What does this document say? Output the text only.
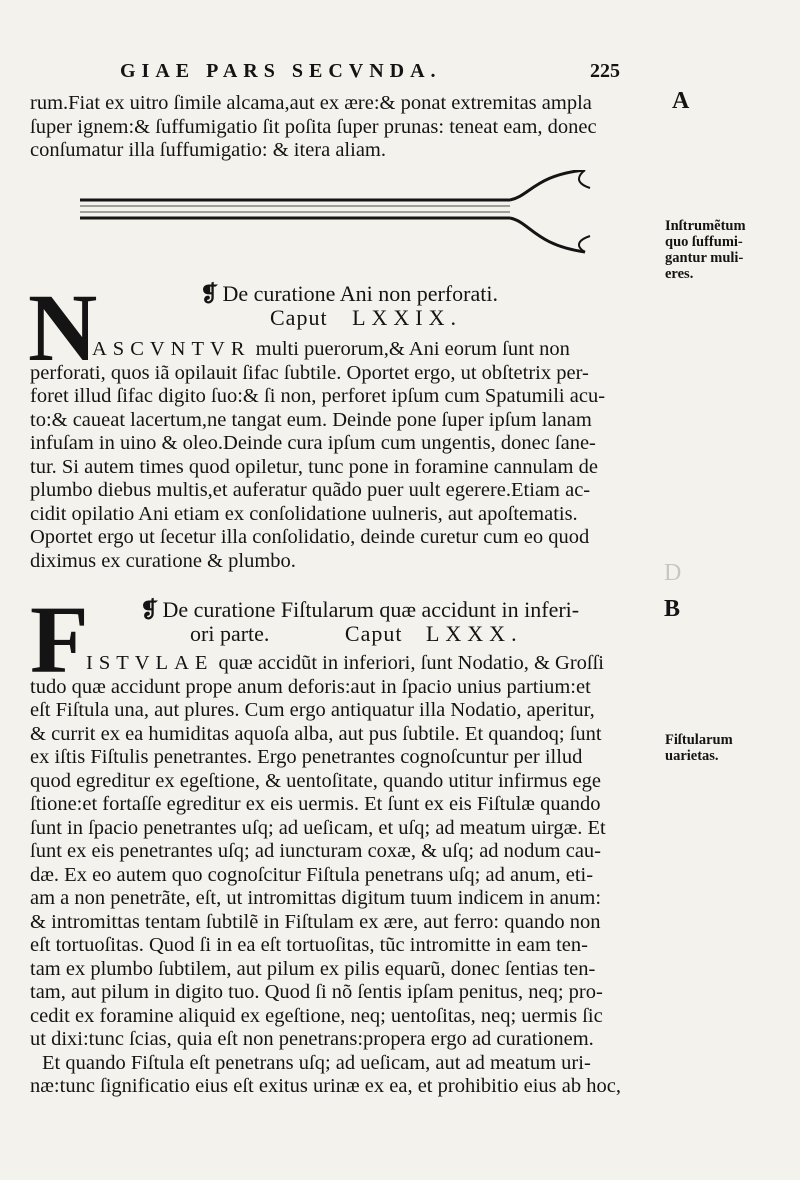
GIAE PARS SECVNDA.	225
A
B
D
rum.Fiat ex uitro ſimile alcama,aut ex ære:& ponat extremitas ampla
ſuper ignem:& ſuffumigatio ſit poſita ſuper prunas: teneat eam, donec
conſumatur illa ſuffumigatio: & itera aliam.
Inſtrumẽtum
quo ſuffumi-
gantur muli-
eres.
N	❡ De curatione Ani non perforati.
Caput LXXIX.
ASCVNTVR multi puerorum,& Ani eorum ſunt non
perforati, quos iã opilauit ſifac ſubtile. Oportet ergo, ut obſtetrix per-
foret illud ſifac digito ſuo:& ſi non, perforet ipſum cum Spatumili acu-
to:& caueat lacertum,ne tangat eum. Deinde pone ſuper ipſum lanam
infuſam in uino & oleo.Deinde cura ipſum cum ungentis, donec ſane-
tur. Si autem times quod opiletur, tunc pone in foramine cannulam de
plumbo diebus multis,et auferatur quãdo puer uult egerere.Etiam ac-
cidit opilatio Ani etiam ex conſolidatione uulneris, aut apoſtematis.
Oportet ergo ut ſecetur illa conſolidatio, deinde curetur cum eo quod
diximus ex curatione & plumbo.
F ❡ De curatione Fiſtularum quæ accidunt in inferi-
ori parte.	Caput LXXX.
ISTVLAE quæ accidũt in inferiori, ſunt Nodatio, & Groſſi
tudo quæ accidunt prope anum deforis:aut in ſpacio unius partium:et
eſt Fiſtula una, aut plures. Cum ergo antiquatur illa Nodatio, aperitur,
& currit ex ea humiditas aquoſa alba, aut pus ſubtile. Et quandoq; ſunt
ex iſtis Fiſtulis penetrantes. Ergo penetrantes cognoſcuntur per illud
quod egreditur ex egeſtione, & uentoſitate, quando utitur infirmus ege
ſtione:et fortaſſe egreditur ex eis uermis. Et ſunt ex eis Fiſtulæ quando
ſunt in ſpacio penetrantes uſq; ad ueſicam, et uſq; ad meatum uirgæ. Et
ſunt ex eis penetrantes uſq; ad iuncturam coxæ, & uſq; ad nodum cau-
dæ. Ex eo autem quo cognoſcitur Fiſtula penetrans uſq; ad anum, eti-
am a non penetrãte, eſt, ut intromittas digitum tuum indicem in anum:
& intromittas tentam ſubtilẽ in Fiſtulam ex ære, aut ferro: quando non
eſt tortuoſitas. Quod ſi in ea eſt tortuoſitas, tũc intromitte in eam ten-
tam ex plumbo ſubtilem, aut pilum ex pilis equarũ, donec ſentias ten-
tam, aut pilum in digito tuo. Quod ſi nõ ſentis ipſam penitus, neq; pro-
cedit ex foramine aliquid ex egeſtione, neq; uentoſitas, neq; uermis ſic
ut dixi:tunc ſcias, quia eſt non penetrans:propera ergo ad curationem.
Et quando Fiſtula eſt penetrans uſq; ad ueſicam, aut ad meatum uri-
næ:tunc ſignificatio eius eſt exitus urinæ ex ea, et prohibitio eius ab hoc,
Fiſtularum
uarietas.
